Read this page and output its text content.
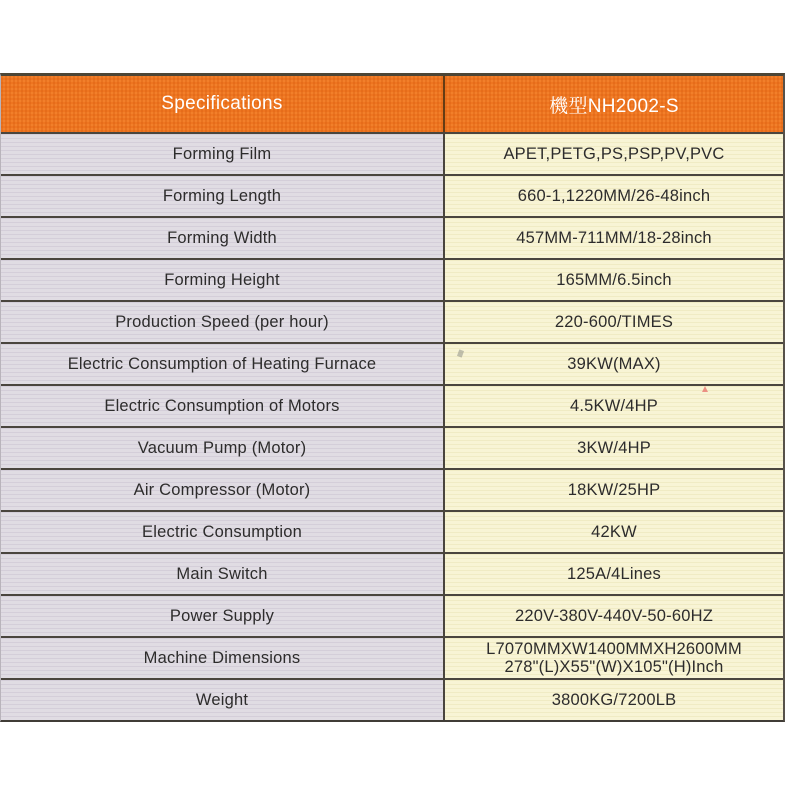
Specifications	機型NH2002-S
Forming Film	APET,PETG,PS,PSP,PV,PVC
Forming Length	660-1,1220MM/26-48inch
Forming Width	457MM-711MM/18-28inch
Forming Height	165MM/6.5inch
Production Speed (per hour)	220-600/TIMES
Electric Consumption of Heating Furnace	39KW(MAX)
Electric Consumption of Motors	4.5KW/4HP
Vacuum Pump (Motor)	3KW/4HP
Air Compressor (Motor)	18KW/25HP
Electric Consumption	42KW
Main Switch	125A/4Lines
Power Supply	220V-380V-440V-50-60HZ
Machine Dimensions	L7070MMXW1400MMXH2600MM
278"(L)X55"(W)X105"(H)Inch
Weight	3800KG/7200LB
